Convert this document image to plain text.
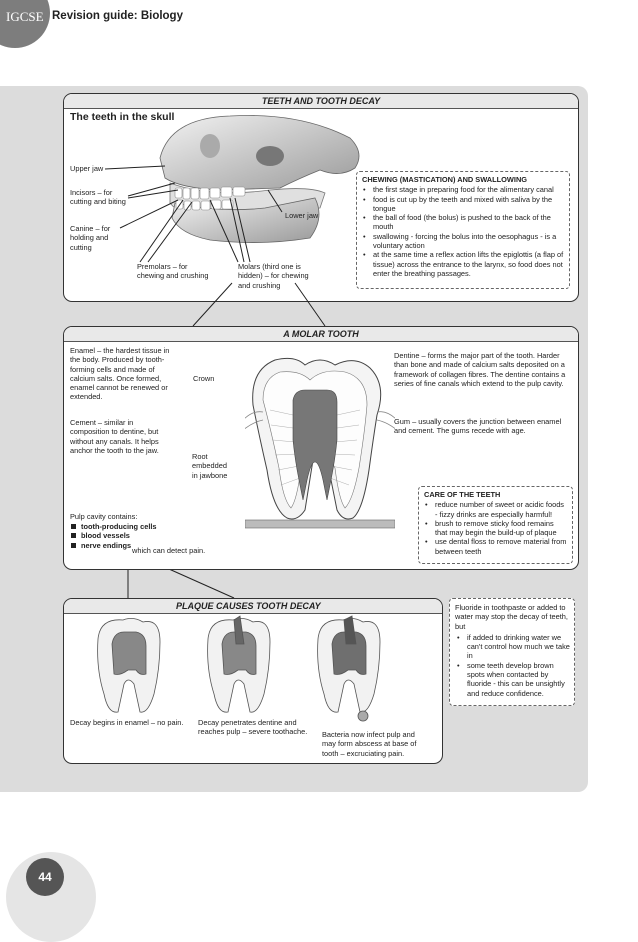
IGCSE Revision guide: Biology
TEETH AND TOOTH DECAY
The teeth in the skull
Upper jaw
Incisors – for
cutting and biting
Canine – for
holding and
cutting
Premolars – for
chewing and crushing
Molars (third one is
hidden) – for chewing
and crushing
Lower jaw
CHEWING (MASTICATION) AND SWALLOWING
• the first stage in preparing food for the alimentary canal
• food is cut up by the teeth and mixed with saliva by the tongue
• the ball of food (the bolus) is pushed to the back of the mouth
• swallowing - forcing the bolus into the oesophagus - is a voluntary action
• at the same time a reflex action lifts the epiglottis (a flap of tissue) across the entrance to the larynx, so food does not enter the breathing passages.
A MOLAR TOOTH
Enamel – the hardest tissue in the body. Produced by tooth-forming cells and made of calcium salts. Once formed, enamel cannot be renewed or extended.
Cement – similar in composition to dentine, but without any canals. It helps anchor the tooth to the jaw.
Crown
Root
embedded
in jawbone
Pulp cavity contains:
tooth-producing cells
blood vessels
nerve endings
which can detect pain.
Dentine – forms the major part of the tooth. Harder than bone and made of calcium salts deposited on a framework of collagen fibres. The dentine contains a series of fine canals which extend to the pulp cavity.
Gum – usually covers the junction between enamel and cement. The gums recede with age.
CARE OF THE TEETH
• reduce number of sweet or acidic foods - fizzy drinks are especially harmful!
• brush to remove sticky food remains that may begin the build-up of plaque
• use dental floss to remove material from between teeth
PLAQUE CAUSES TOOTH DECAY
Decay begins in enamel – no pain. Decay penetrates dentine and reaches pulp – severe toothache.	Bacteria now infect pulp and may form abscess at base of tooth – excruciating pain.
Fluoride in toothpaste or added to water may stop the decay of teeth, but
• if added to drinking water we can't control how much we take in
• some teeth develop brown spots when contacted by fluoride - this can be unsightly and reduce confidence.
44
